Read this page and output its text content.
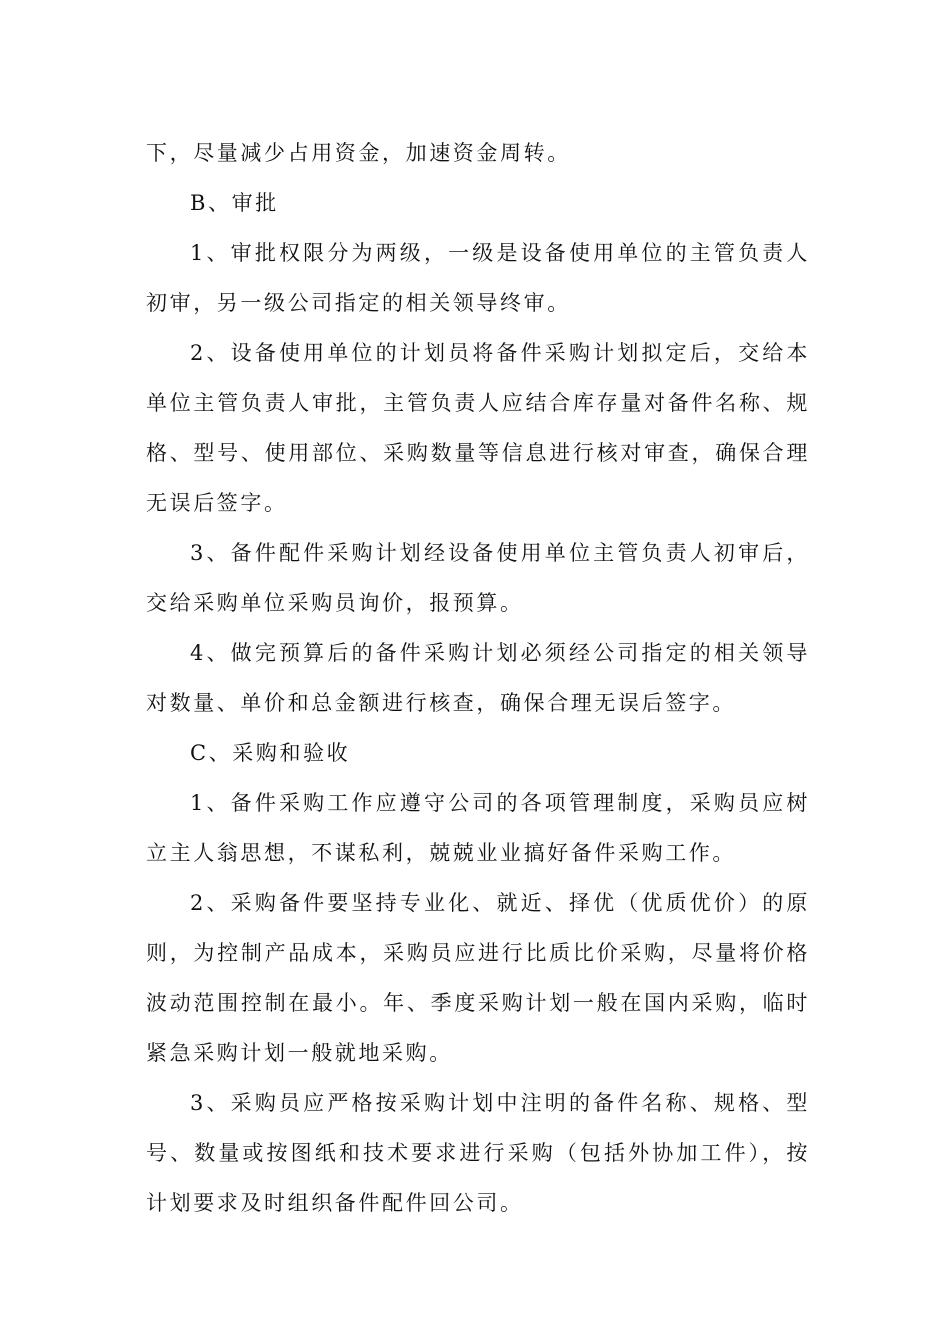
下，尽量减少占用资金，加速资金周转。

B、审批

1、审批权限分为两级，一级是设备使用单位的主管负责人初审，另一级公司指定的相关领导终审。

2、设备使用单位的计划员将备件采购计划拟定后，交给本单位主管负责人审批，主管负责人应结合库存量对备件名称、规格、型号、使用部位、采购数量等信息进行核对审查，确保合理无误后签字。

3、备件配件采购计划经设备使用单位主管负责人初审后，交给采购单位采购员询价，报预算。

4、做完预算后的备件采购计划必须经公司指定的相关领导对数量、单价和总金额进行核查，确保合理无误后签字。

C、采购和验收

1、备件采购工作应遵守公司的各项管理制度，采购员应树立主人翁思想，不谋私利，兢兢业业搞好备件采购工作。

2、采购备件要坚持专业化、就近、择优（优质优价）的原则，为控制产品成本，采购员应进行比质比价采购，尽量将价格波动范围控制在最小。年、季度采购计划一般在国内采购，临时紧急采购计划一般就地采购。

3、采购员应严格按采购计划中注明的备件名称、规格、型号、数量或按图纸和技术要求进行采购（包括外协加工件），按计划要求及时组织备件配件回公司。
